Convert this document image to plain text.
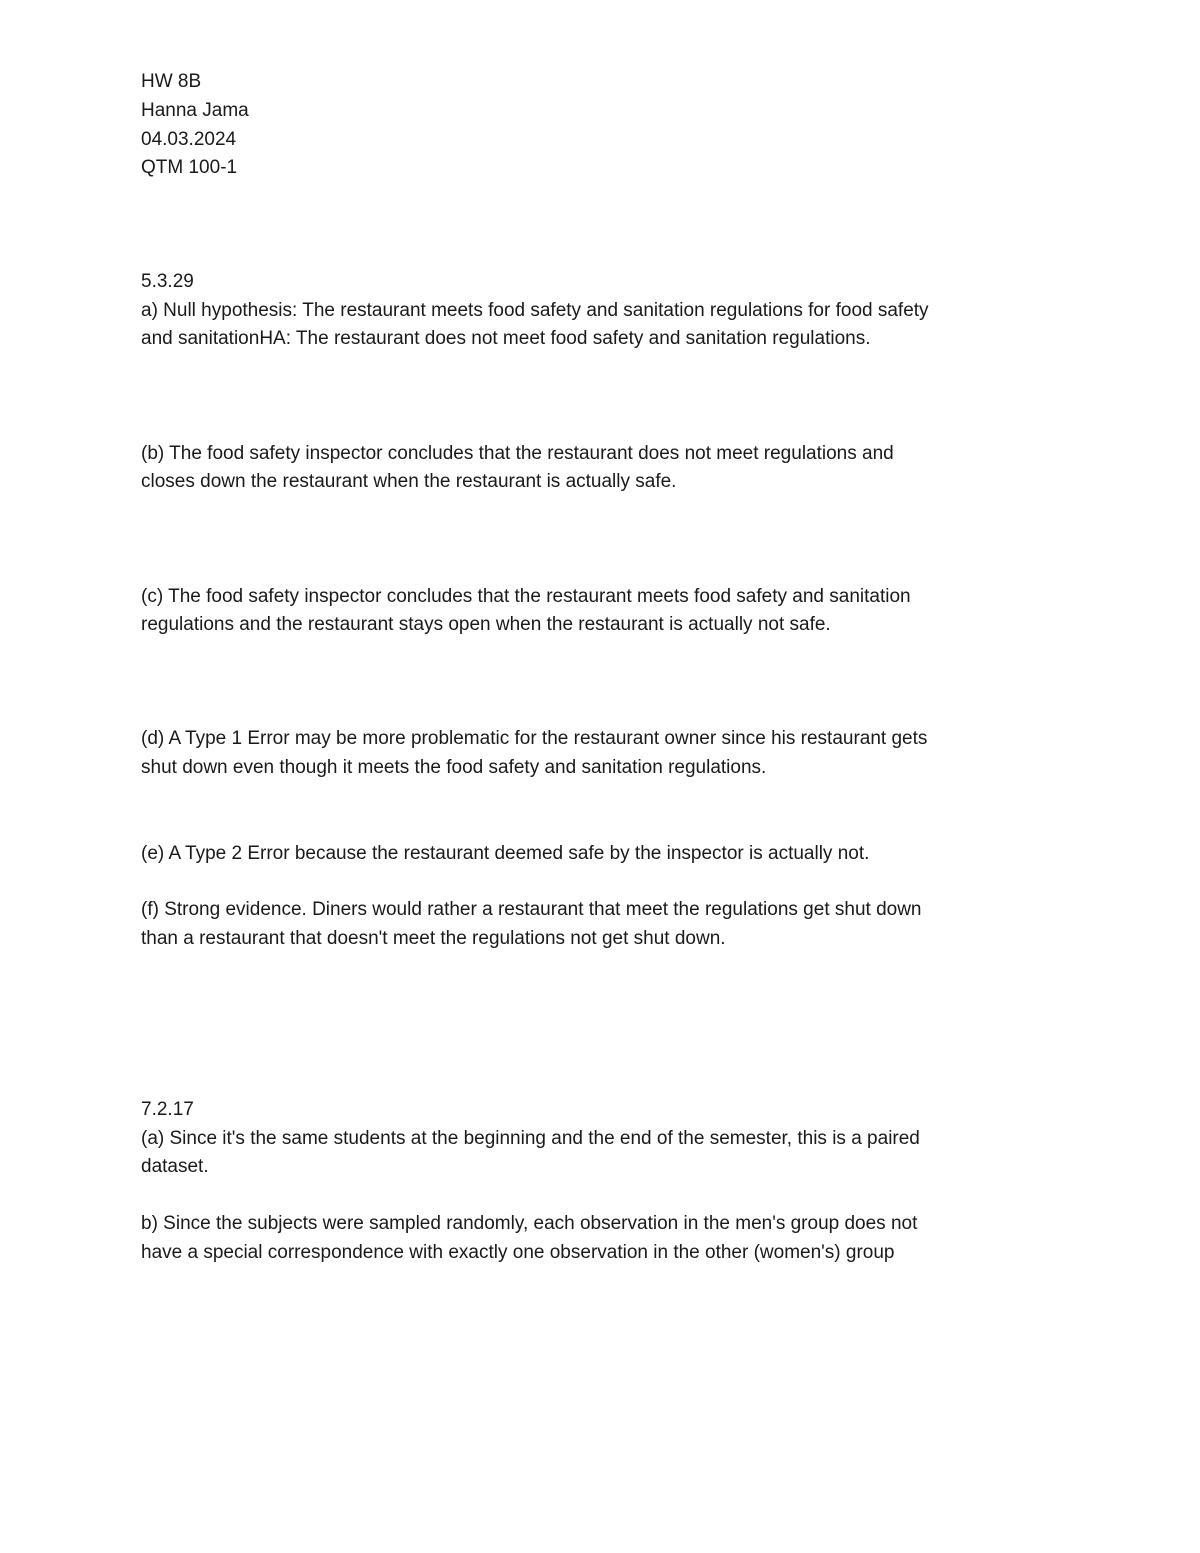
HW 8B

Hanna Jama

04.03.2024

QTM 100-1

5.3.29

a) Null hypothesis: The restaurant meets food safety and sanitation regulations for food safety

and sanitationHA: The restaurant does not meet food safety and sanitation regulations.

(b) The food safety inspector concludes that the restaurant does not meet regulations and

closes down the restaurant when the restaurant is actually safe.

(c) The food safety inspector concludes that the restaurant meets food safety and sanitation

regulations and the restaurant stays open when the restaurant is actually not safe.

(d) A Type 1 Error may be more problematic for the restaurant owner since his restaurant gets

shut down even though it meets the food safety and sanitation regulations.

(e) A Type 2 Error because the restaurant deemed safe by the inspector is actually not.

(f) Strong evidence. Diners would rather a restaurant that meet the regulations get shut down

than a restaurant that doesn't meet the regulations not get shut down.

7.2.17

(a) Since it's the same students at the beginning and the end of the semester, this is a paired

dataset.

b) Since the subjects were sampled randomly, each observation in the men's group does not

have a special correspondence with exactly one observation in the other (women's) group
